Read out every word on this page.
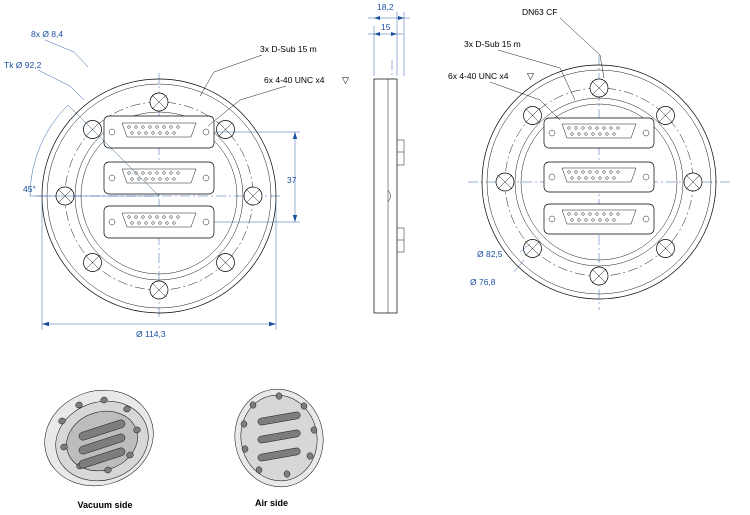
8x Ø 8,4
Tk Ø 92,2
3x D-Sub 15 m
6x 4-40 UNC x4 ▽
45°
37
Ø 114,3
18,2
15
DN63 CF
3x D-Sub 15 m
6x 4-40 UNC x4 ▽
Ø 82,5
Ø 76,8
Vacuum side	Air side
